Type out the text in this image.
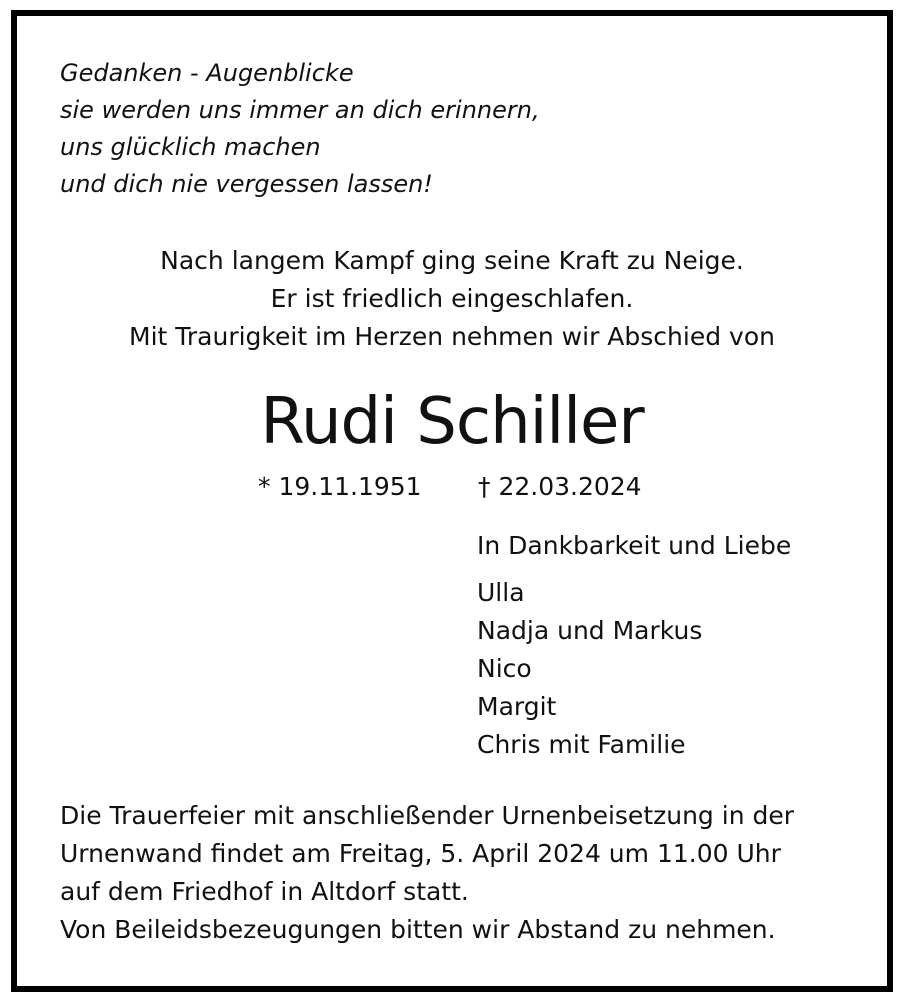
Gedanken - Augenblicke
sie werden uns immer an dich erinnern,
uns glücklich machen
und dich nie vergessen lassen!
Nach langem Kampf ging seine Kraft zu Neige.
Er ist friedlich eingeschlafen.
Mit Traurigkeit im Herzen nehmen wir Abschied von
Rudi Schiller
* 19.11.1951 † 22.03.2024
In Dankbarkeit und Liebe
Ulla
Nadja und Markus
Nico
Margit
Chris mit Familie
Die Trauerfeier mit anschließender Urnenbeisetzung in der
Urnenwand findet am Freitag, 5. April 2024 um 11.00 Uhr
auf dem Friedhof in Altdorf statt.
Von Beileidsbezeugungen bitten wir Abstand zu nehmen.
